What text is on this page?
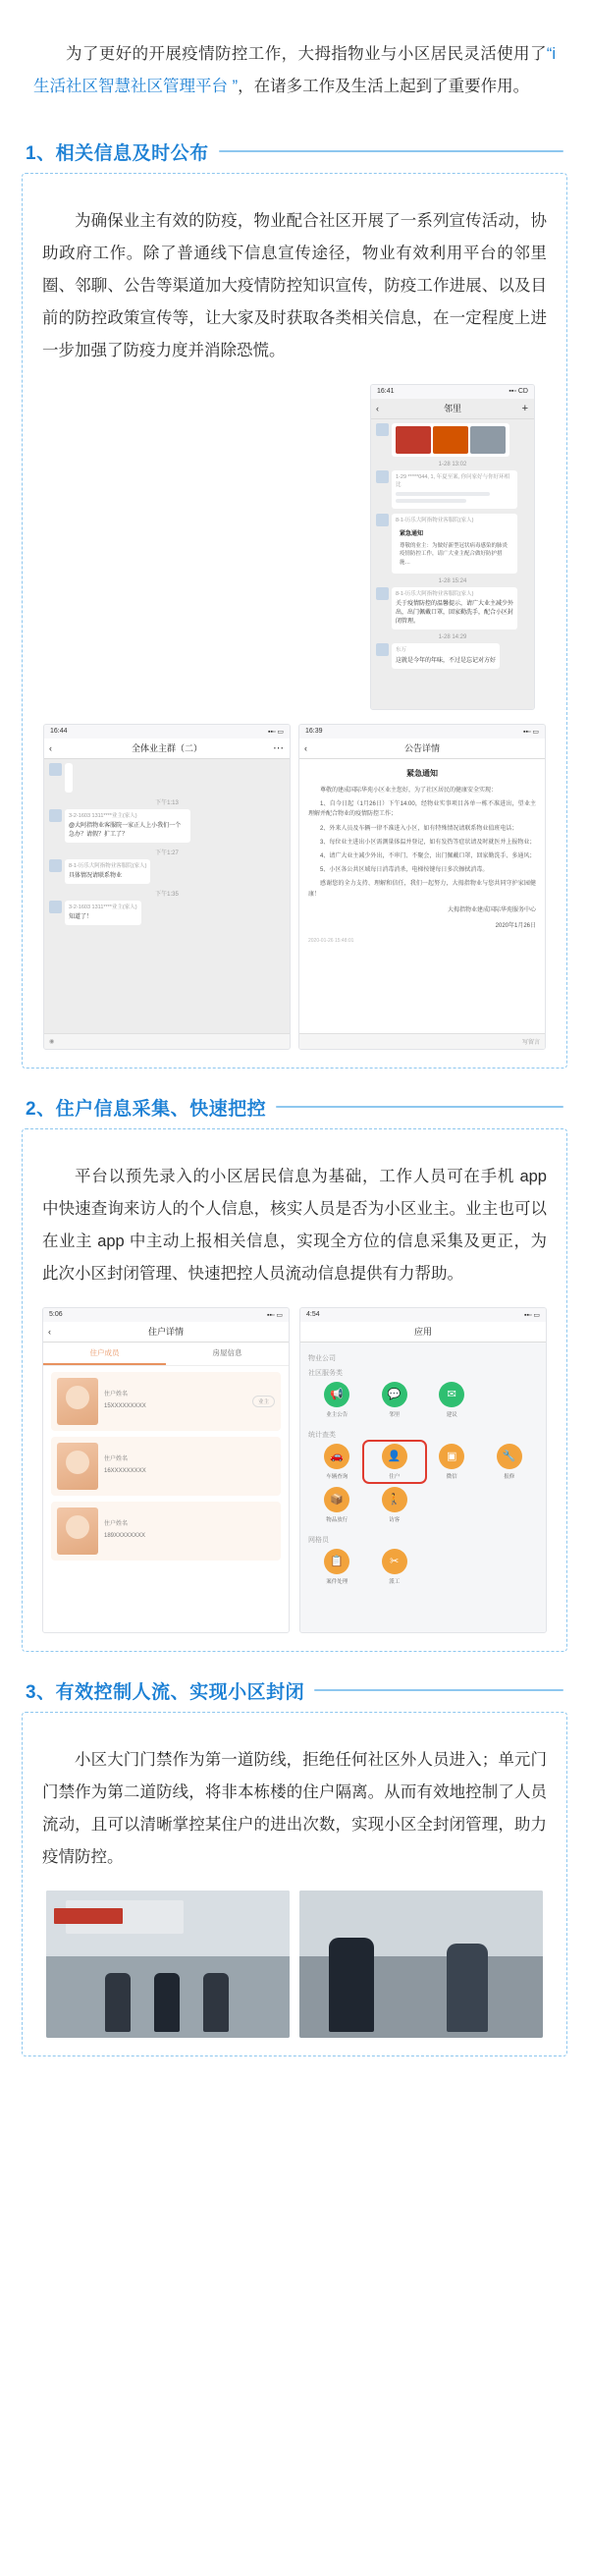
为了更好的开展疫情防控工作，大拇指物业与小区居民灵活使用了“i 生活社区智慧社区管理平台 ”，在诸多工作及生活上起到了重要作用。

1、 相关信息及时公布

为确保业主有效的防疫，物业配合社区开展了一系列宣传活动，协助政府工作。除了普通线下信息宣传途径，物业有效利用平台的邻里圈、邻聊、公告等渠道加大疫情防控知识宣传，防疫工作进展、以及目前的防控政策宣传等，让大家及时获取各类相关信息，在一定程度上进一步加强了防疫力度并消除恐慌。

16:41	▪▪▫ CD
‹	邻里	+
1-28 13:02
1-29 *****044, 1, 年夏至案, 你问家好与你好环相比
8-1-历乐大阿指物业客服院(家人)
紧急通知
尊敬的业主：为做好新型冠状病毒感染的肺炎疫情防控工作，请广大业主配合做好防护措施…
1-28 15:24
8-1-历乐大阿指物业客服院(家人)
关于疫情防控的温馨提示，请广大业主减少外出，出门佩戴口罩，回家勤洗手，配合小区封闭管理。
1-28 14:29
东万
这就是今年的年味，不过是忘记对方好
16:44	▪▪▫ ▭
‹	全体业主群（二）	⋯
下午1:13
3-2-1603 1311****业主(家人)
@大阿指物业客服院一家正人上小我们一个急办？请假？扩工了？
下午1:27
8-1-历乐大阿指物业客服院(家人)
具体情况请联系物业
下午1:35
3-2-1603 1311****业主(家人)
知道了！
◉
16:39	▪▪▫ ▭
‹	公告详情
紧急通知

尊敬的建成国际华苑小区业主您好，为了社区居民的健康安全实现：

1、自今日起（1月26日）下午14:00，经物业实事项目各单一栋不准进出，望业主理解并配合物业的疫情防控工作；

2、外来人员及车辆一律不准进入小区，如有特殊情况请联系物业值班电话；

3、每位业主进出小区需测量体温并登记，如有发热等症状请及时就医并上报物业；

4、请广大业主减少外出，不串门、不聚会，出门佩戴口罩，回家勤洗手、多通风；

5、小区各公共区域每日消毒消杀，电梯按键每日多次擦拭消毒。

感谢您的全力支持、理解和信任，我们一起努力，大拇指物业与您共同守护家园健康！

大拇指物业建成国际华苑服务中心
2020年1月26日
2020-01-26 15:48:01
写留言
2、 住户信息采集、快速把控

平台以预先录入的小区居民信息为基础，工作人员可在手机 app 中快速查询来访人的个人信息，核实人员是否为小区业主。业主也可以在业主 app 中主动上报相关信息，实现全方位的信息采集及更正，为此次小区封闭管理、快速把控人员流动信息提供有力帮助。

5:06	▪▪▫ ▭
‹	住户详情
住户成员	房屋信息
住户姓名
15XXXXXXXXX
业主
住户姓名
16XXXXXXXXX
住户姓名
189XXXXXXXX
4:54	▪▪▫ ▭
应用
物业公司
社区服务类
📢
业主公告
💬
邻里
✉
建议
统计查类
🚗
车辆查询
👤
住户
▣
微信
🔧
报修
📦
物品放行
🚶
访客
网格员
📋
案件处理
✂
派工
3、 有效控制人流、实现小区封闭

小区大门门禁作为第一道防线，拒绝任何社区外人员进入；单元门门禁作为第二道防线，将非本栋楼的住户隔离。从而有效地控制了人员流动，且可以清晰掌控某住户的进出次数，实现小区全封闭管理，助力疫情防控。
